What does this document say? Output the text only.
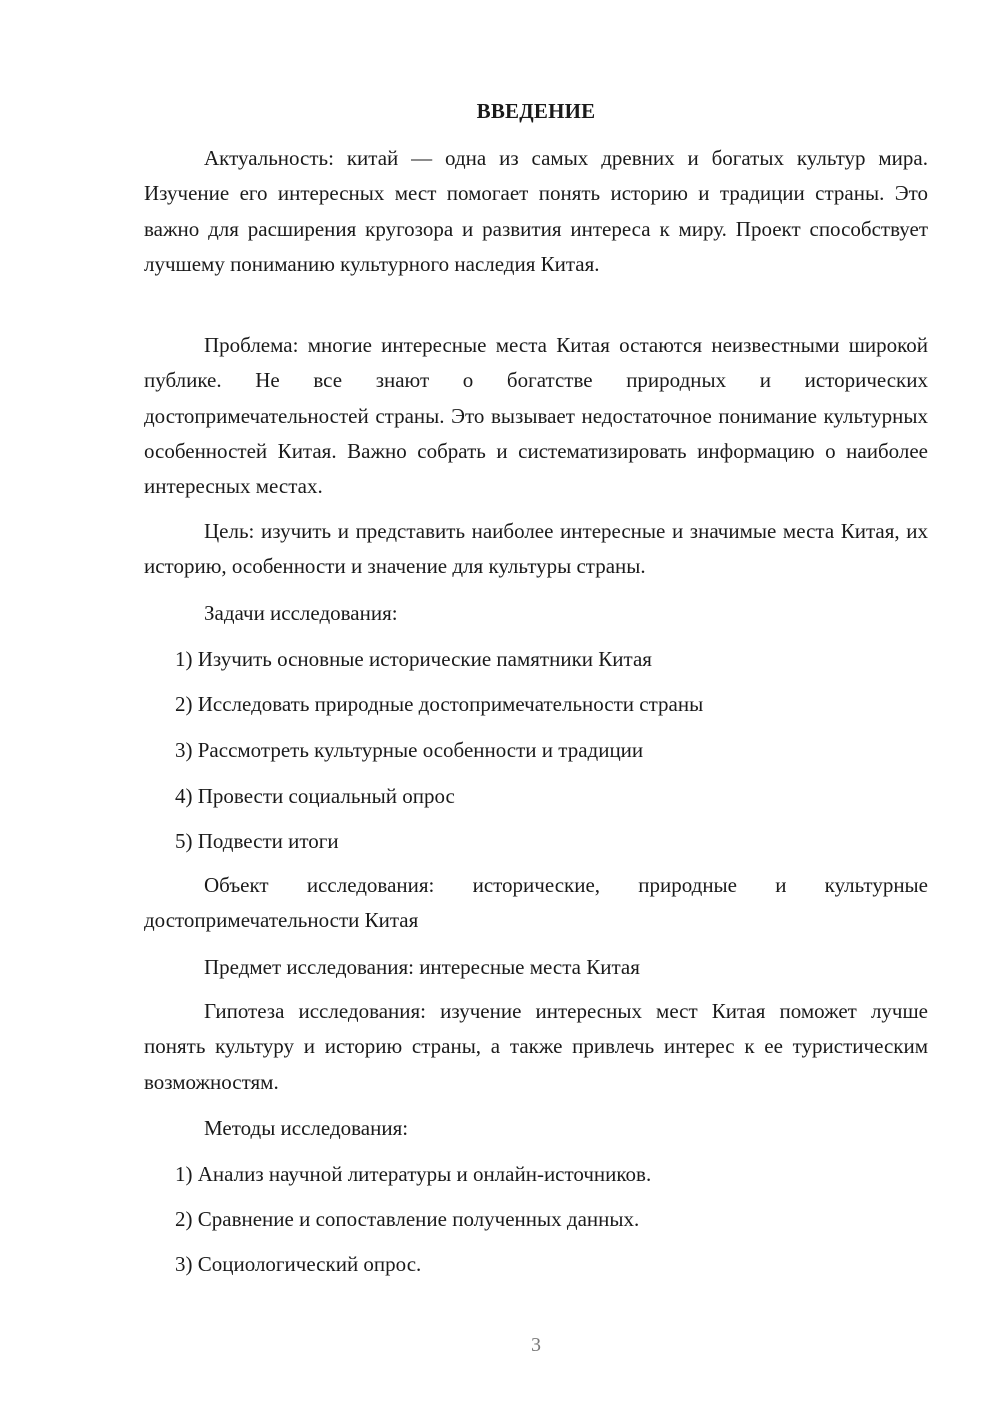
ВВЕДЕНИЕ

Актуальность: китай — одна из самых древних и богатых культур мира. Изучение его интересных мест помогает понять историю и традиции страны. Это важно для расширения кругозора и развития интереса к миру. Проект способствует лучшему пониманию культурного наследия Китая.

Проблема: многие интересные места Китая остаются неизвестными широкой публике. Не все знают о богатстве природных и исторических достопримечательностей страны. Это вызывает недостаточное понимание культурных особенностей Китая. Важно собрать и систематизировать информацию о наиболее интересных местах.

Цель: изучить и представить наиболее интересные и значимые места Китая, их историю, особенности и значение для культуры страны.

Задачи исследования:

1) Изучить основные исторические памятники Китая

2) Исследовать природные достопримечательности страны

3) Рассмотреть культурные особенности и традиции

4) Провести социальный опрос

5) Подвести итоги

Объект исследования: исторические, природные и культурные достопримечательности Китая

Предмет исследования: интересные места Китая

Гипотеза исследования: изучение интересных мест Китая поможет лучше понять культуру и историю страны, а также привлечь интерес к ее туристическим возможностям.

Методы исследования:

1) Анализ научной литературы и онлайн-источников.

2) Сравнение и сопоставление полученных данных.

3) Социологический опрос.

3
